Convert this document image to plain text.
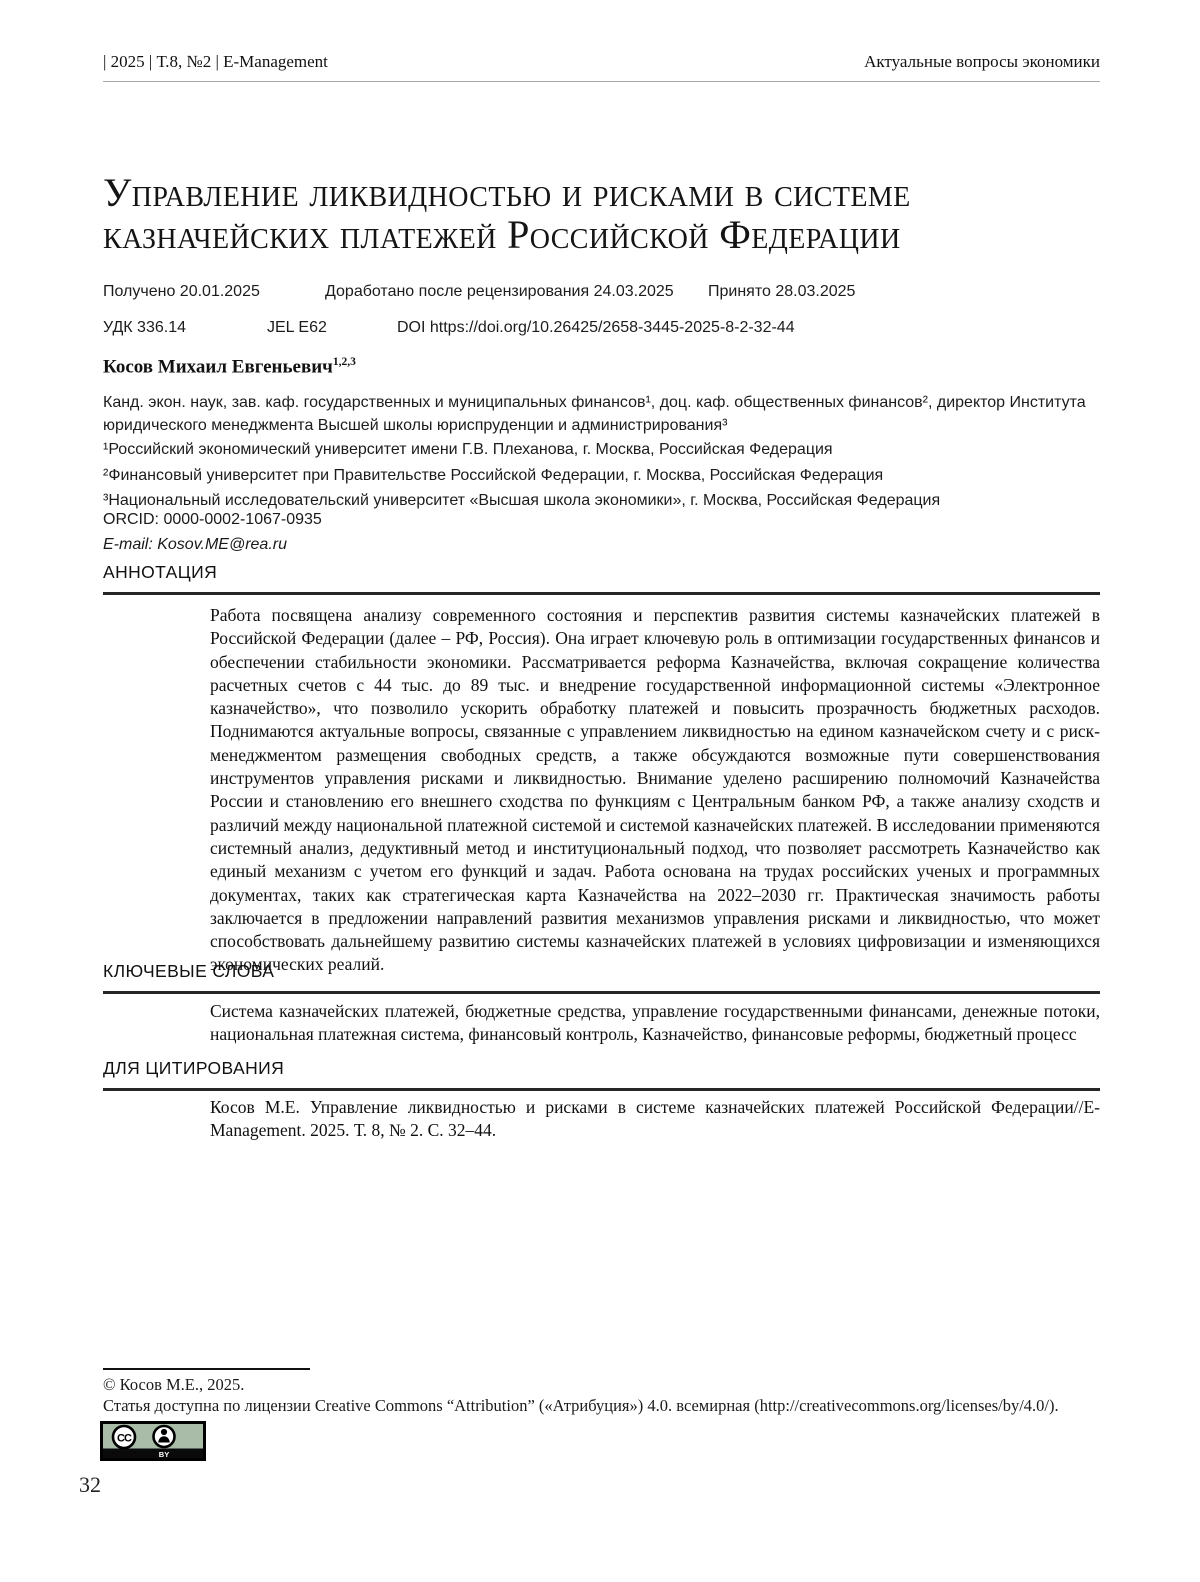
| 2025 | Т.8, №2 | E-Management	Актуальные вопросы экономики
Управление ликвидностью и рисками в системе
казначейских платежей Российской Федерации
Получено 20.01.2025	Доработано после рецензирования 24.03.2025 Принято 28.03.2025
УДК 336.14	JEL E62	DOI https://doi.org/10.26425/2658-3445-2025-8-2-32-44
Косов Михаил Евгеньевич$^{1,2,3}$

Канд. экон. наук, зав. каф. государственных и муниципальных финансов¹, доц. каф. общественных финансов², директор Института юридического менеджмента Высшей школы юриспруденции и администрирования³

¹Российский экономический университет имени Г.В. Плеханова, г. Москва, Российская Федерация

²Финансовый университет при Правительстве Российской Федерации, г. Москва, Российская Федерация

³Национальный исследовательский университет «Высшая школа экономики», г. Москва, Российская Федерация

ORCID: 0000-0002-1067-0935

E-mail: Kosov.ME@rea.ru

АННОТАЦИЯ

Работа посвящена анализу современного состояния и перспектив развития системы казначейских платежей в Российской Федерации (далее – РФ, Россия). Она играет ключевую роль в оптимизации государственных финансов и обеспечении стабильности экономики. Рассматривается реформа Казначейства, включая сокращение количества расчетных счетов с 44 тыс. до 89 тыс. и внедрение государственной информационной системы «Электронное казначейство», что позволило ускорить обработку платежей и повысить прозрачность бюджетных расходов. Поднимаются актуальные вопросы, связанные с управлением ликвидностью на едином казначейском счету и с риск-менеджментом размещения свободных средств, а также обсуждаются возможные пути совершенствования инструментов управления рисками и ликвидностью. Внимание уделено расширению полномочий Казначейства России и становлению его внешнего сходства по функциям с Центральным банком РФ, а также анализу сходств и различий между национальной платежной системой и системой казначейских платежей. В исследовании применяются системный анализ, дедуктивный метод и институциональный подход, что позволяет рассмотреть Казначейство как единый механизм с учетом его функций и задач. Работа основана на трудах российских ученых и программных документах, таких как стратегическая карта Казначейства на 2022–2030 гг. Практическая значимость работы заключается в предложении направлений развития механизмов управления рисками и ликвидностью, что может способствовать дальнейшему развитию системы казначейских платежей в условиях цифровизации и изменяющихся экономических реалий.

КЛЮЧЕВЫЕ СЛОВА

Система казначейских платежей, бюджетные средства, управление государственными финансами, денежные потоки, национальная платежная система, финансовый контроль, Казначейство, финансовые реформы, бюджетный процесс

ДЛЯ ЦИТИРОВАНИЯ

Косов М.Е. Управление ликвидностью и рисками в системе казначейских платежей Российской Федерации//E-Management. 2025. Т. 8, № 2. С. 32–44.

© Косов М.Е., 2025.

Статья доступна по лицензии Creative Commons “Attribution” («Атрибуция») 4.0. всемирная (http://creativecommons.org/licenses/by/4.0/).

CC
BY
32
